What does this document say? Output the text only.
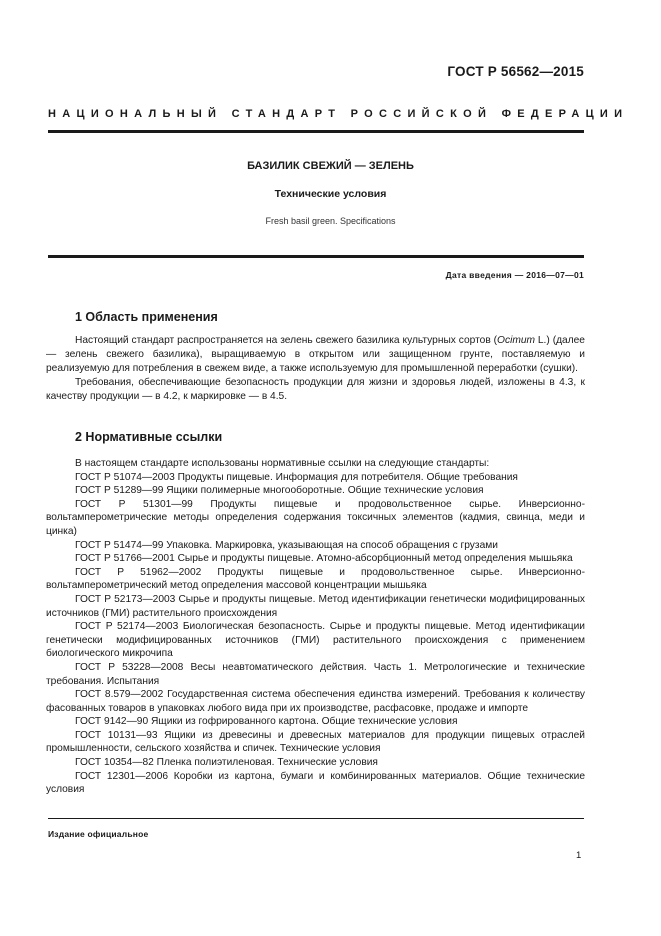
ГОСТ Р 56562—2015
НАЦИОНАЛЬНЫЙ СТАНДАРТ РОССИЙСКОЙ ФЕДЕРАЦИИ
БАЗИЛИК СВЕЖИЙ — ЗЕЛЕНЬ
Технические условия
Fresh basil green. Specifications
Дата введения — 2016—07—01
1 Область применения

Настоящий стандарт распространяется на зелень свежего базилика культурных сортов (Ocimum L.) (далее — зелень свежего базилика), выращиваемую в открытом или защищенном грунте, поставляемую и реализуемую для потребления в свежем виде, а также используемую для промышленной переработки (сушки).

Требования, обеспечивающие безопасность продукции для жизни и здоровья людей, изложены в 4.3, к качеству продукции — в 4.2, к маркировке — в 4.5.

2 Нормативные ссылки

В настоящем стандарте использованы нормативные ссылки на следующие стандарты:

ГОСТ Р 51074—2003 Продукты пищевые. Информация для потребителя. Общие требования

ГОСТ Р 51289—99 Ящики полимерные многооборотные. Общие технические условия

ГОСТ Р 51301—99 Продукты пищевые и продовольственное сырье. Инверсионно-вольтамперометрические методы определения содержания токсичных элементов (кадмия, свинца, меди и цинка)

ГОСТ Р 51474—99 Упаковка. Маркировка, указывающая на способ обращения с грузами

ГОСТ Р 51766—2001 Сырье и продукты пищевые. Атомно-абсорбционный метод определения мышьяка

ГОСТ Р 51962—2002 Продукты пищевые и продовольственное сырье. Инверсионно-вольтамперометрический метод определения массовой концентрации мышьяка

ГОСТ Р 52173—2003 Сырье и продукты пищевые. Метод идентификации генетически модифицированных источников (ГМИ) растительного происхождения

ГОСТ Р 52174—2003 Биологическая безопасность. Сырье и продукты пищевые. Метод идентификации генетически модифицированных источников (ГМИ) растительного происхождения с применением биологического микрочипа

ГОСТ Р 53228—2008 Весы неавтоматического действия. Часть 1. Метрологические и технические требования. Испытания

ГОСТ 8.579—2002 Государственная система обеспечения единства измерений. Требования к количеству фасованных товаров в упаковках любого вида при их производстве, расфасовке, продаже и импорте

ГОСТ 9142—90 Ящики из гофрированного картона. Общие технические условия

ГОСТ 10131—93 Ящики из древесины и древесных материалов для продукции пищевых отраслей промышленности, сельского хозяйства и спичек. Технические условия

ГОСТ 10354—82 Пленка полиэтиленовая. Технические условия

ГОСТ 12301—2006 Коробки из картона, бумаги и комбинированных материалов. Общие технические условия

Издание официальное
1
